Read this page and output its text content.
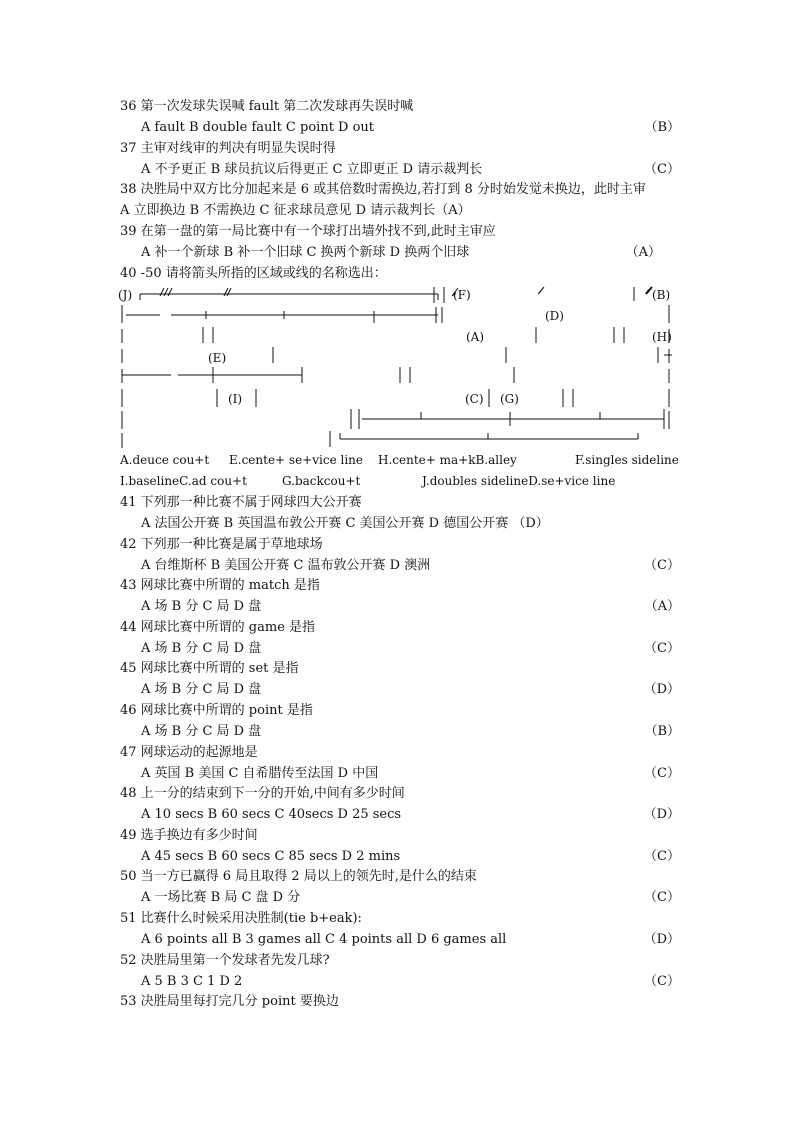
36 第一次发球失误喊 fault 第二次发球再失误时喊
A fault B double fault C point D out	（B）
37 主审对线审的判决有明显失误时得
A 不予更正 B 球员抗议后得更正 C 立即更正 D 请示裁判长	（C）
38 决胜局中双方比分加起来是 6 或其倍数时需换边,若打到 8 分时始发觉未换边，此时主审
A 立即换边 B 不需换边 C 征求球员意见 D 请示裁判长（A）
39 在第一盘的第一局比赛中有一个球打出墙外找不到,此时主审应
A 补一个新球 B 补一个旧球 C 换两个新球 D 换两个旧球	（A）
40 -50 请将箭头所指的区域或线的名称选出：
(J)	(F)	(B)
(D)
(A)	(H)
(E)
(I)	(C) (G)
A.deuce cou+t E.cente+ se+vice line H.cente+ ma+kB.alley	F.singles sideline
I.baselineC.ad cou+t	G.backcou+t	J.doubles sidelineD.se+vice line
41 下列那一种比赛不属于网球四大公开赛
A 法国公开赛 B 英国温布敦公开赛 C 美国公开赛 D 德国公开赛 （D）
42 下列那一种比赛是属于草地球场
A 台维斯杯 B 美国公开赛 C 温布敦公开赛 D 澳洲	（C）
43 网球比赛中所谓的 match 是指
A 场 B 分 C 局 D 盘	（A）
44 网球比赛中所谓的 game 是指
A 场 B 分 C 局 D 盘	（C）
45 网球比赛中所谓的 set 是指
A 场 B 分 C 局 D 盘	（D）
46 网球比赛中所谓的 point 是指
A 场 B 分 C 局 D 盘	（B）
47 网球运动的起源地是
A 英国 B 美国 C 自希腊传至法国 D 中国	（C）
48 上一分的结束到下一分的开始,中间有多少时间
A 10 secs B 60 secs C 40secs D 25 secs	（D）
49 选手换边有多少时间
A 45 secs B 60 secs C 85 secs D 2 mins	（C）
50 当一方已赢得 6 局且取得 2 局以上的领先时,是什么的结束
A 一场比赛 B 局 C 盘 D 分	（C）
51 比赛什么时候采用决胜制(tie b+eak):
A 6 points all B 3 games all C 4 points all D 6 games all	（D）
52 决胜局里第一个发球者先发几球?
A 5 B 3 C 1 D 2	（C）
53 决胜局里每打完几分 point 要换边
